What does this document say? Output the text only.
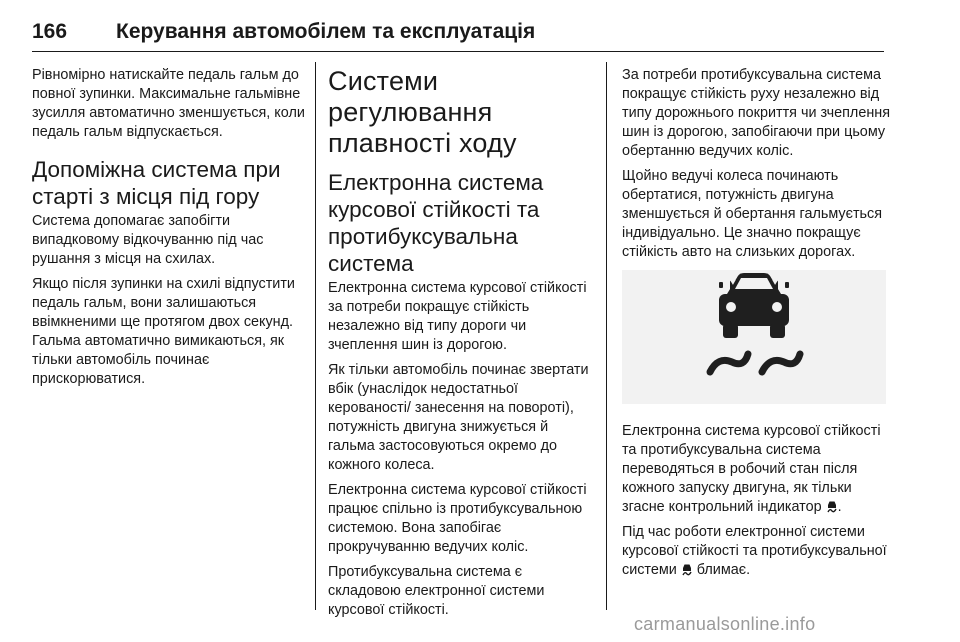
166 Керування автомобілем та експлуатація

Рівномірно натискайте педаль гальм до повної зупинки. Максимальне гальмівне зусилля автоматично зменшується, коли педаль гальм відпускається.

Допоміжна система при старті з місця під гору

Система допомагає запобігти випадковому відкочуванню під час рушання з місця на схилах.

Якщо після зупинки на схилі відпустити педаль гальм, вони залишаються ввімкненими ще протягом двох секунд. Гальма автоматично вимикаються, як тільки автомобіль починає прискорюватися.

Системи регулювання плавності ходу
Електронна система курсової стійкості та протибуксувальна система

Електронна система курсової стійкості за потреби покращує стійкість незалежно від типу дороги чи зчеплення шин із дорогою.

Як тільки автомобіль починає звертати вбік (унаслідок недостатньої керованості/ занесення на повороті), потужність двигуна знижується й гальма застосовуються окремо до кожного колеса.

Електронна система курсової стійкості працює спільно із протибуксувальною системою. Вона запобігає прокручуванню ведучих коліс.

Протибуксувальна система є складовою електронної системи курсової стійкості.

За потреби протибуксувальна система покращує стійкість руху незалежно від типу дорожнього покриття чи зчеплення шин із дорогою, запобігаючи при цьому обертанню ведучих коліс.

Щойно ведучі колеса починають обертатися, потужність двигуна зменшується й обертання гальмується індивідуально. Це значно покращує стійкість авто на слизьких дорогах.

Електронна система курсової стійкості та протибуксувальна система переводяться в робочий стан після кожного запуску двигуна, як тільки згасне контрольний індикатор .

Під час роботи електронної системи курсової стійкості та протибуксувальної системи  блимає.

carmanualsonline.info
